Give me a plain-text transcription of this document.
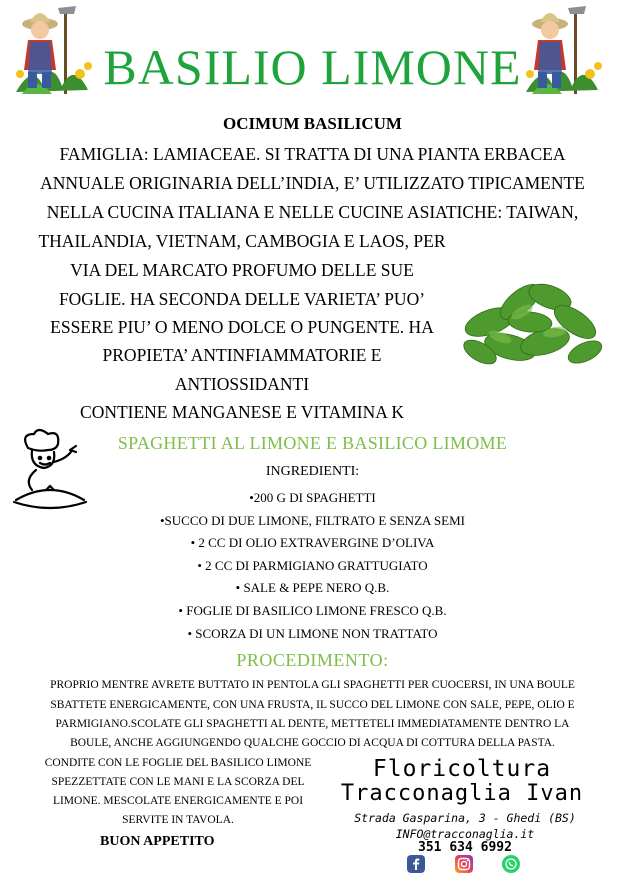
BASILIO LIMONE
OCIMUM BASILICUM
FAMIGLIA: LAMIACEAE. SI TRATTA DI UNA PIANTA ERBACEA
ANNUALE ORIGINARIA DELL’INDIA, E’ UTILIZZATO TIPICAMENTE
NELLA CUCINA ITALIANA E NELLE CUCINE ASIATICHE: TAIWAN,
THAILANDIA, VIETNAM, CAMBOGIA E LAOS, PER
VIA DEL MARCATO PROFUMO DELLE SUE
FOGLIE. HA SECONDA DELLE VARIETA’ PUO’
ESSERE PIU’ O MENO DOLCE O PUNGENTE. HA
PROPIETA’ ANTINFIAMMATORIE E
ANTIOSSIDANTI
CONTIENE MANGANESE E VITAMINA K
SPAGHETTI AL LIMONE E BASILICO LIMOME
INGREDIENTI:
•200 G DI SPAGHETTI
•SUCCO DI DUE LIMONE, FILTRATO E SENZA SEMI
• 2 CC DI OLIO EXTRAVERGINE D’OLIVA
• 2 CC DI PARMIGIANO GRATTUGIATO
• SALE & PEPE NERO Q.B.
• FOGLIE DI BASILICO LIMONE FRESCO Q.B.
• SCORZA DI UN LIMONE NON TRATTATO
PROCEDIMENTO:
PROPRIO MENTRE AVRETE BUTTATO IN PENTOLA GLI SPAGHETTI PER CUOCERSI, IN UNA BOULE
SBATTETE ENERGICAMENTE, CON UNA FRUSTA, IL SUCCO DEL LIMONE CON SALE, PEPE, OLIO E
PARMIGIANO.SCOLATE GLI SPAGHETTI AL DENTE, METTETELI IMMEDIATAMENTE DENTRO LA
BOULE, ANCHE AGGIUNGENDO QUALCHE GOCCIO DI ACQUA DI COTTURA DELLA PASTA.
CONDITE CON LE FOGLIE DEL BASILICO LIMONE
SPEZZETTATE CON LE MANI E LA SCORZA DEL
LIMONE. MESCOLATE ENERGICAMENTE E POI
SERVITE IN TAVOLA.
BUON APPETITO
Floricoltura
Tracconaglia Ivan
Strada Gasparina, 3 - Ghedi (BS)
INFO@tracconaglia.it
351 634 6992
